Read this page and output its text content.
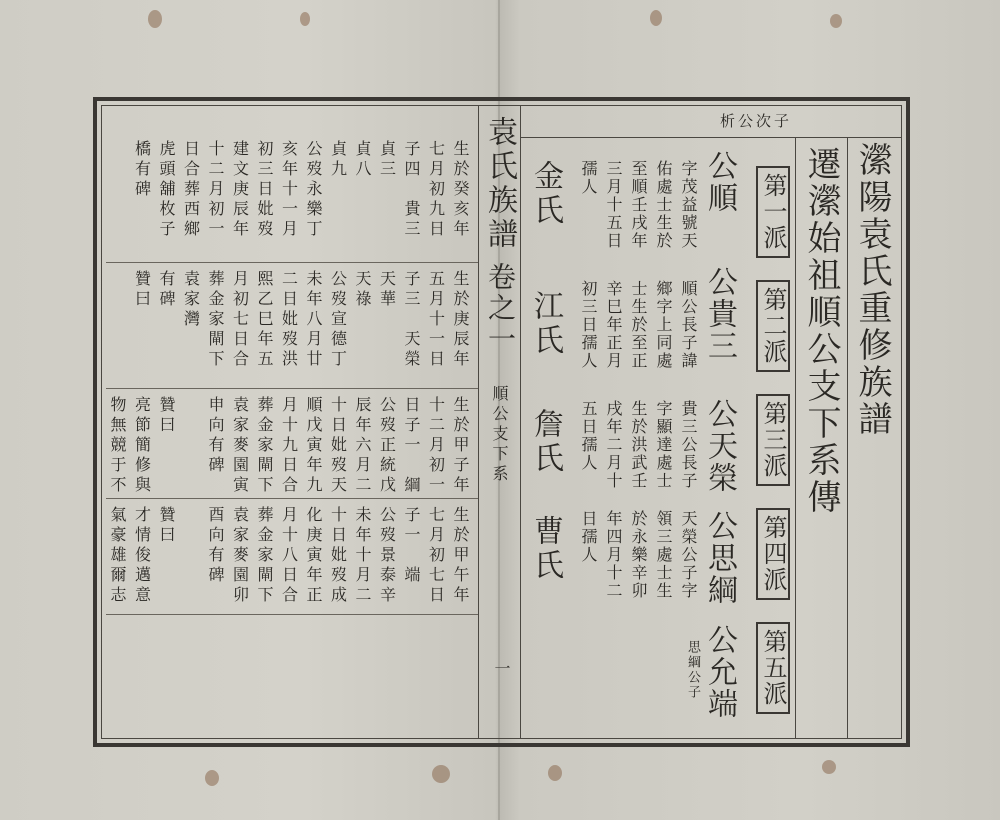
袁氏族譜
卷之一
順公支下系
一
瀠陽袁氏重修族譜
遷瀠始祖順公支下系傳
析公次子
第一派
第二派
第三派
第四派
第五派
公順
公貴三
公天榮
公思綱
公允端
字茂益號天
佑處士生於
至順壬戌年
三月十五日
孺人
順公長子諱
鄉字上同處
士生於至正
辛巳年正月
初三日孺人
貴三公長子
字顯達處士
生於洪武壬
戌年二月十
五日孺人
天榮公子字
領三處士生
於永樂辛卯
年四月十二
日孺人
思綱公子
金氏
江氏
詹氏
曹氏
生於癸亥年
生於庚辰年
生於甲子年
生於甲午年
七月初九日
五月十一日
十二月初一
七月初七日
子四　貴三
子三　天榮
日子一　綱
子一　端
貞三
天華
公歿正統戊
公歿景泰辛
貞八
天祿
辰年六月二
未年十月二
貞九
公歿宣德丁
十日妣歿天
十日妣歿成
公歿永樂丁
未年八月廿
順戊寅年九
化庚寅年正
亥年十一月
二日妣歿洪
月十九日合
月十八日合
初三日妣歿
熙乙巳年五
葬金家閘下
葬金家閘下
建文庚辰年
月初七日合
袁家麥園寅
袁家麥園卯
十二月初一
葬金家閘下
申向有碑
酉向有碑
日合葬西鄉
袁家灣
虎頭舖枚子
有碑
贊曰
贊曰
橋有碑
贊曰
亮節簡修與
才情俊邁意
物無競于不
氣豪雄爾志
